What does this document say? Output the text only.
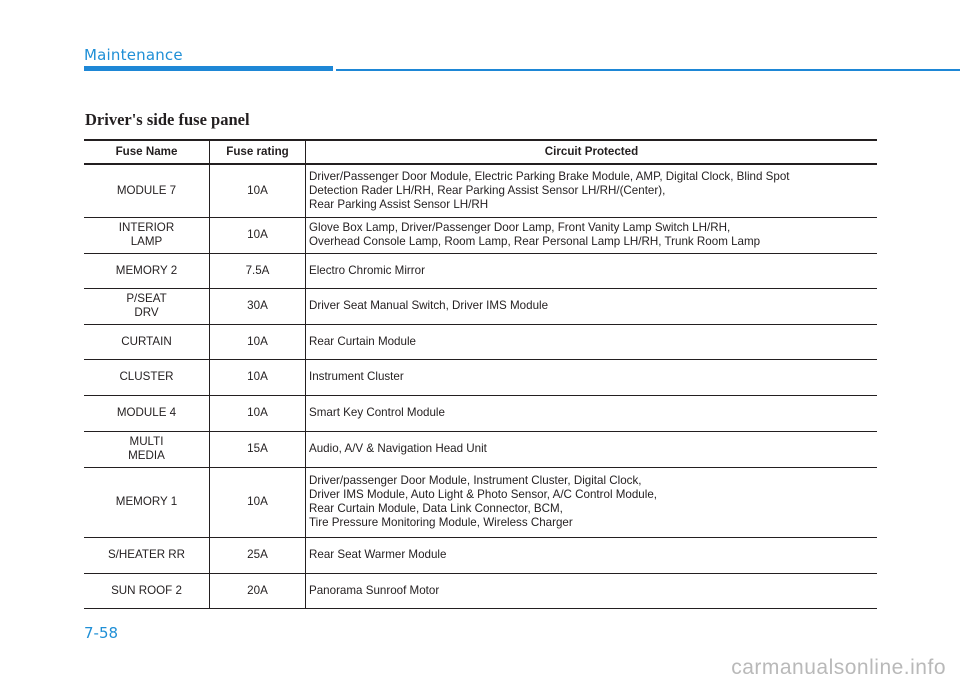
Maintenance
Driver's side fuse panel
Fuse Name	Fuse rating	Circuit Protected
MODULE 7	10A	Driver/Passenger Door Module, Electric Parking Brake Module, AMP, Digital Clock, Blind Spot
Detection Rader LH/RH, Rear Parking Assist Sensor LH/RH/(Center),
Rear Parking Assist Sensor LH/RH
INTERIOR
LAMP	10A	Glove Box Lamp, Driver/Passenger Door Lamp, Front Vanity Lamp Switch LH/RH,
Overhead Console Lamp, Room Lamp, Rear Personal Lamp LH/RH, Trunk Room Lamp
MEMORY 2	7.5A	Electro Chromic Mirror
P/SEAT
DRV	30A	Driver Seat Manual Switch, Driver IMS Module
CURTAIN	10A	Rear Curtain Module
CLUSTER	10A	Instrument Cluster
MODULE 4	10A	Smart Key Control Module
MULTI
MEDIA	15A	Audio, A/V & Navigation Head Unit
MEMORY 1	10A	Driver/passenger Door Module, Instrument Cluster, Digital Clock,
Driver IMS Module, Auto Light & Photo Sensor, A/C Control Module,
Rear Curtain Module, Data Link Connector, BCM,
Tire Pressure Monitoring Module, Wireless Charger
S/HEATER RR	25A	Rear Seat Warmer Module
SUN ROOF 2	20A	Panorama Sunroof Motor
7-58
carmanualsonline.info
